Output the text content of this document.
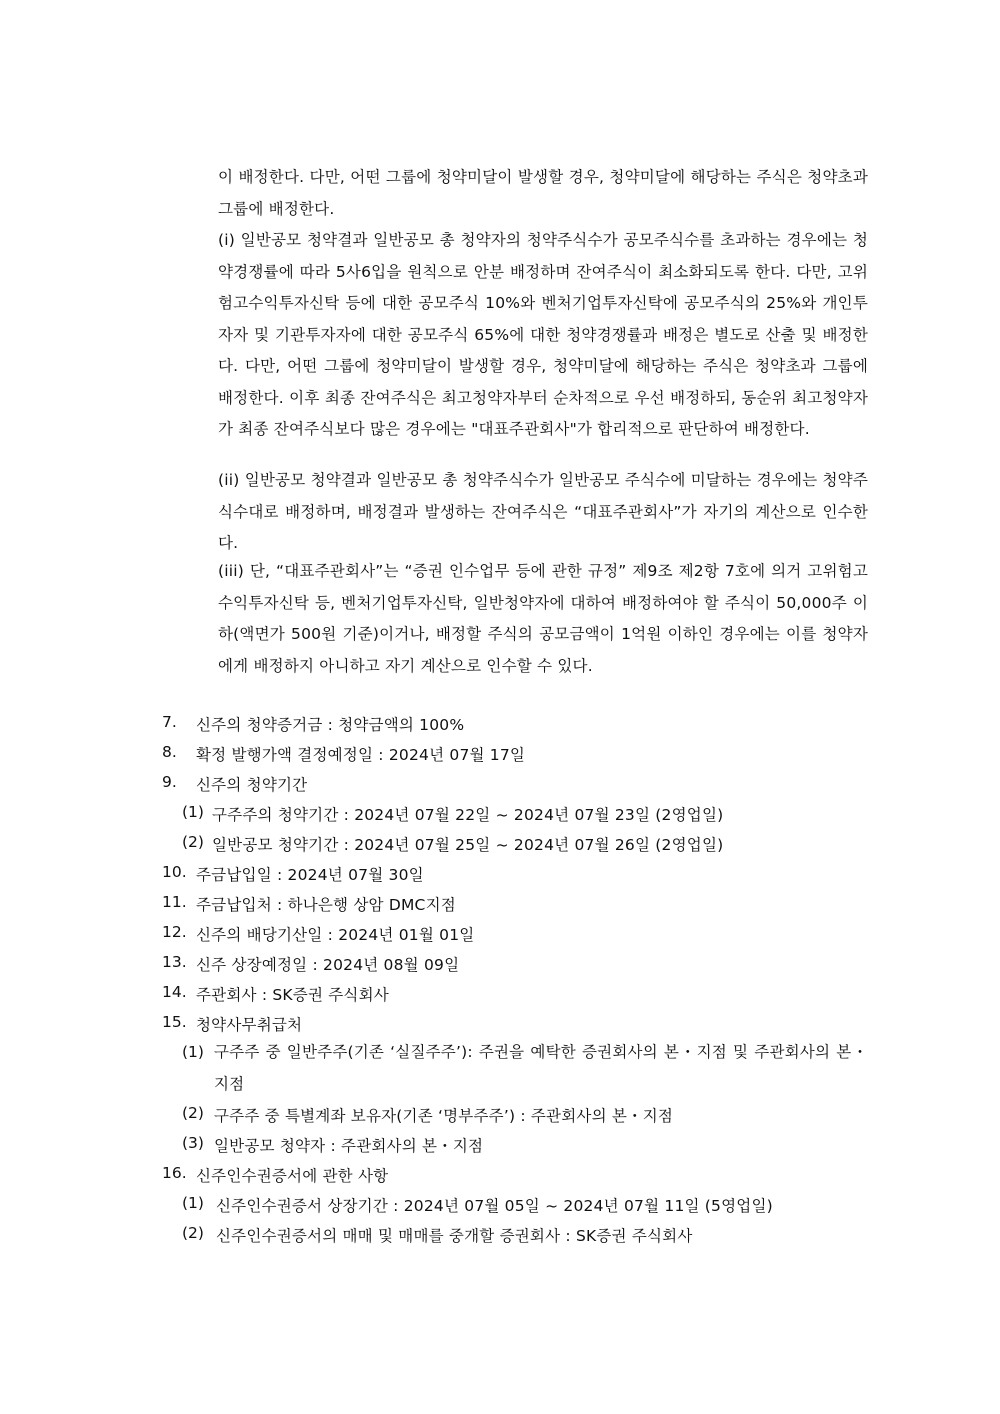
이 배정한다. 다만, 어떤 그룹에 청약미달이 발생할 경우, 청약미달에 해당하는 주식은 청약초과 그룹에 배정한다.
(i) 일반공모 청약결과 일반공모 총 청약자의 청약주식수가 공모주식수를 초과하는 경우에는 청약경쟁률에 따라 5사6입을 원칙으로 안분 배정하며 잔여주식이 최소화되도록 한다. 다만, 고위험고수익투자신탁 등에 대한 공모주식 10%와 벤처기업투자신탁에 공모주식의 25%와 개인투자자 및 기관투자자에 대한 공모주식 65%에 대한 청약경쟁률과 배정은 별도로 산출 및 배정한다. 다만, 어떤 그룹에 청약미달이 발생할 경우, 청약미달에 해당하는 주식은 청약초과 그룹에 배정한다. 이후 최종 잔여주식은 최고청약자부터 순차적으로 우선 배정하되, 동순위 최고청약자가 최종 잔여주식보다 많은 경우에는 "대표주관회사"가 합리적으로 판단하여 배정한다.
(ii) 일반공모 청약결과 일반공모 총 청약주식수가 일반공모 주식수에 미달하는 경우에는 청약주식수대로 배정하며, 배정결과 발생하는 잔여주식은 “대표주관회사”가 자기의 계산으로 인수한다.
(iii) 단, “대표주관회사”는 “증권 인수업무 등에 관한 규정” 제9조 제2항 7호에 의거 고위험고수익투자신탁 등, 벤처기업투자신탁, 일반청약자에 대하여 배정하여야 할 주식이 50,000주 이하(액면가 500원 기준)이거나, 배정할 주식의 공모금액이 1억원 이하인 경우에는 이를 청약자에게 배정하지 아니하고 자기 계산으로 인수할 수 있다.
7. 신주의 청약증거금 : 청약금액의 100%
8. 확정 발행가액 결정예정일 : 2024년 07월 17일
9. 신주의 청약기간
(1) 구주주의 청약기간 : 2024년 07월 22일 ~ 2024년 07월 23일 (2영업일)
(2) 일반공모 청약기간 : 2024년 07월 25일 ~ 2024년 07월 26일 (2영업일)
10. 주금납입일 : 2024년 07월 30일
11. 주금납입처 : 하나은행 상암 DMC지점
12. 신주의 배당기산일 : 2024년 01월 01일
13. 신주 상장예정일 : 2024년 08월 09일
14. 주관회사 : SK증권 주식회사
15. 청약사무취급처
(1) 구주주 중 일반주주(기존 ‘실질주주’): 주권을 예탁한 증권회사의 본・지점 및 주관회사의 본・지점
(2) 구주주 중 특별계좌 보유자(기존 ‘명부주주’) : 주관회사의 본・지점
(3) 일반공모 청약자 : 주관회사의 본・지점
16. 신주인수권증서에 관한 사항
(1) 신주인수권증서 상장기간 : 2024년 07월 05일 ~ 2024년 07월 11일 (5영업일)
(2) 신주인수권증서의 매매 및 매매를 중개할 증권회사 : SK증권 주식회사
